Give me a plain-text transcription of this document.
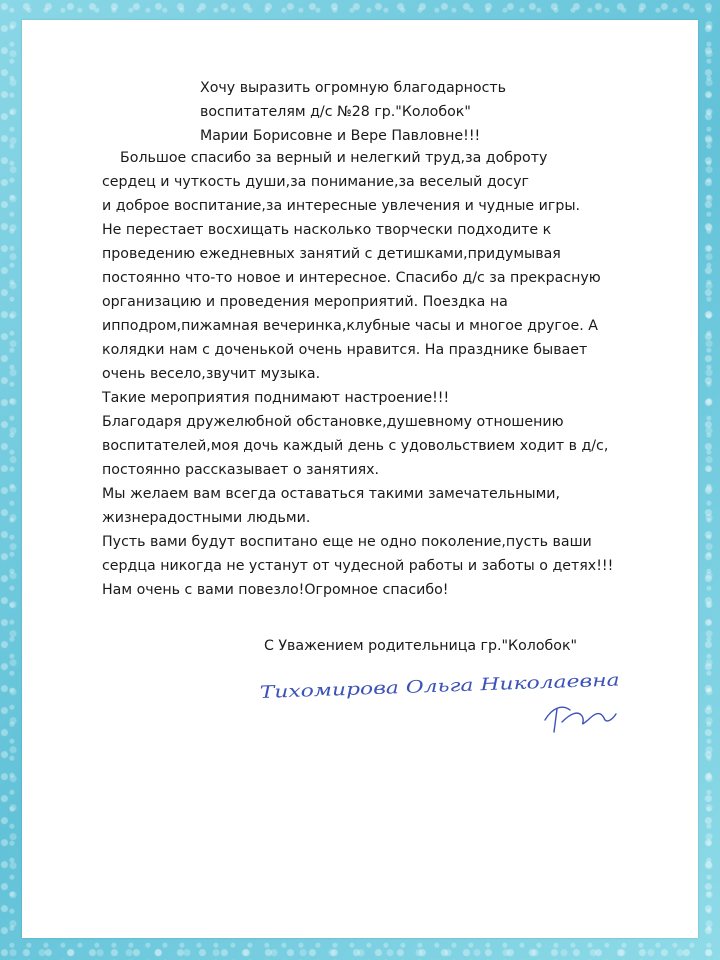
Хочу выразить огромную благодарность
воспитателям д/с №28 гр."Колобок"
Марии Борисовне и Вере Павловне!!!
Большое спасибо за верный и нелегкий труд,за доброту
сердец и чуткость души,за понимание,за веселый досуг
и доброе воспитание,за интересные увлечения и чудные игры.
Не перестает восхищать насколько творчески подходите к
проведению ежедневных занятий с детишками,придумывая
постоянно что-то новое и интересное. Спасибо д/с за прекрасную
организацию и проведения мероприятий. Поездка на
ипподром,пижамная вечеринка,клубные часы и многое другое. А
колядки нам с доченькой очень нравится. На празднике бывает
очень весело,звучит музыка.
Такие мероприятия поднимают настроение!!!
Благодаря дружелюбной обстановке,душевному отношению
воспитателей,моя дочь каждый день с удовольствием ходит в д/с,
постоянно рассказывает о занятиях.
Мы желаем вам всегда оставаться такими замечательными,
жизнерадостными людьми.
Пусть вами будут воспитано еще не одно поколение,пусть ваши
сердца никогда не устанут от чудесной работы и заботы о детях!!!
Нам очень с вами повезло!Огромное спасибо!
С Уважением родительница гр."Колобок"
Тихомирова Ольга Николаевна
